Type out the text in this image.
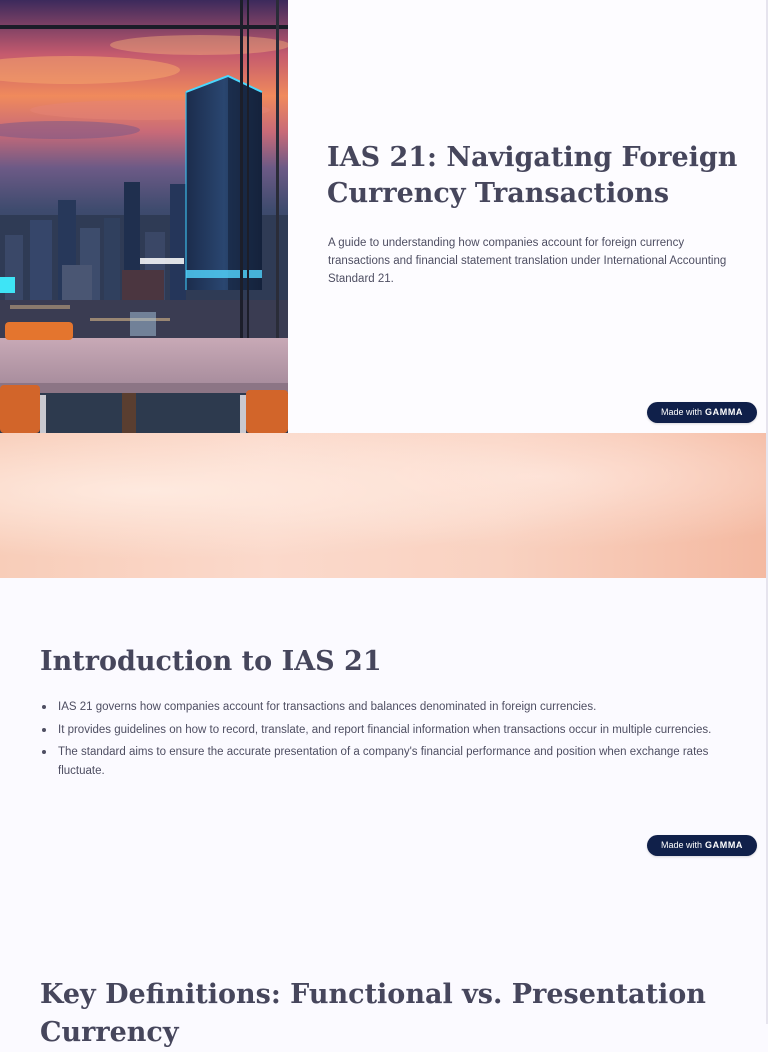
IAS 21: Navigating Foreign Currency Transactions

A guide to understanding how companies account for foreign currency transactions and financial statement translation under International Accounting Standard 21.

Made with GAMMA
Introduction to IAS 21
IAS 21 governs how companies account for transactions and balances denominated in foreign currencies.
It provides guidelines on how to record, translate, and report financial information when transactions occur in multiple currencies.
The standard aims to ensure the accurate presentation of a company's financial performance and position when exchange rates fluctuate.
Made with GAMMA
Key Definitions: Functional vs. Presentation Currency
